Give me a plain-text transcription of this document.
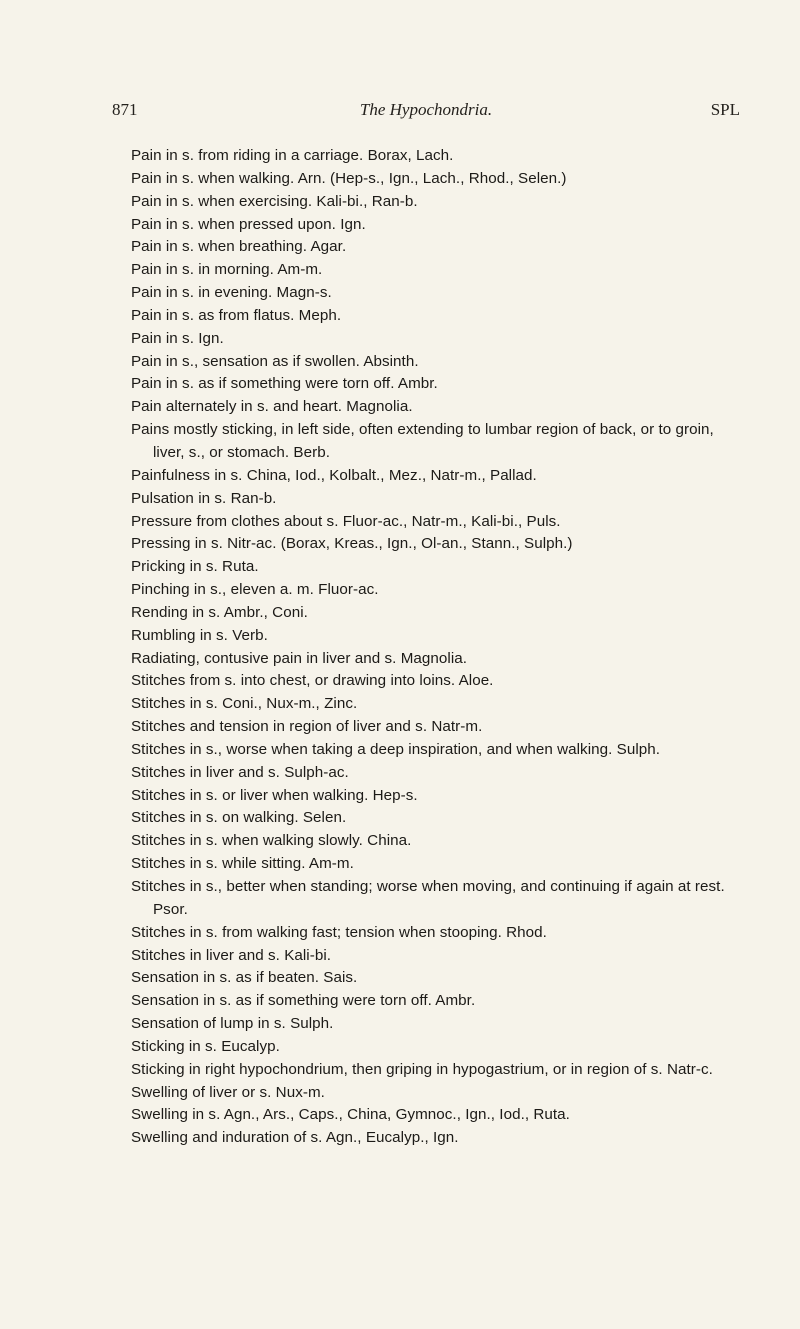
871	The Hypochondria.	SPL
Pain in s. from riding in a carriage. Borax, Lach.
Pain in s. when walking. Arn. (Hep-s., Ign., Lach., Rhod., Selen.)
Pain in s. when exercising. Kali-bi., Ran-b.
Pain in s. when pressed upon. Ign.
Pain in s. when breathing. Agar.
Pain in s. in morning. Am-m.
Pain in s. in evening. Magn-s.
Pain in s. as from flatus. Meph.
Pain in s. Ign.
Pain in s., sensation as if swollen. Absinth.
Pain in s. as if something were torn off. Ambr.
Pain alternately in s. and heart. Magnolia.
Pains mostly sticking, in left side, often extending to lumbar region of back, or to groin, liver, s., or stomach. Berb.
Painfulness in s. China, Iod., Kolbalt., Mez., Natr-m., Pallad.
Pulsation in s. Ran-b.
Pressure from clothes about s. Fluor-ac., Natr-m., Kali-bi., Puls.
Pressing in s. Nitr-ac. (Borax, Kreas., Ign., Ol-an., Stann., Sulph.)
Pricking in s. Ruta.
Pinching in s., eleven a. m. Fluor-ac.
Rending in s. Ambr., Coni.
Rumbling in s. Verb.
Radiating, contusive pain in liver and s. Magnolia.
Stitches from s. into chest, or drawing into loins. Aloe.
Stitches in s. Coni., Nux-m., Zinc.
Stitches and tension in region of liver and s. Natr-m.
Stitches in s., worse when taking a deep inspiration, and when walking. Sulph.
Stitches in liver and s. Sulph-ac.
Stitches in s. or liver when walking. Hep-s.
Stitches in s. on walking. Selen.
Stitches in s. when walking slowly. China.
Stitches in s. while sitting. Am-m.
Stitches in s., better when standing; worse when moving, and continuing if again at rest. Psor.
Stitches in s. from walking fast; tension when stooping. Rhod.
Stitches in liver and s. Kali-bi.
Sensation in s. as if beaten. Sais.
Sensation in s. as if something were torn off. Ambr.
Sensation of lump in s. Sulph.
Sticking in s. Eucalyp.
Sticking in right hypochondrium, then griping in hypogastrium, or in region of s. Natr-c.
Swelling of liver or s. Nux-m.
Swelling in s. Agn., Ars., Caps., China, Gymnoc., Ign., Iod., Ruta.
Swelling and induration of s. Agn., Eucalyp., Ign.
